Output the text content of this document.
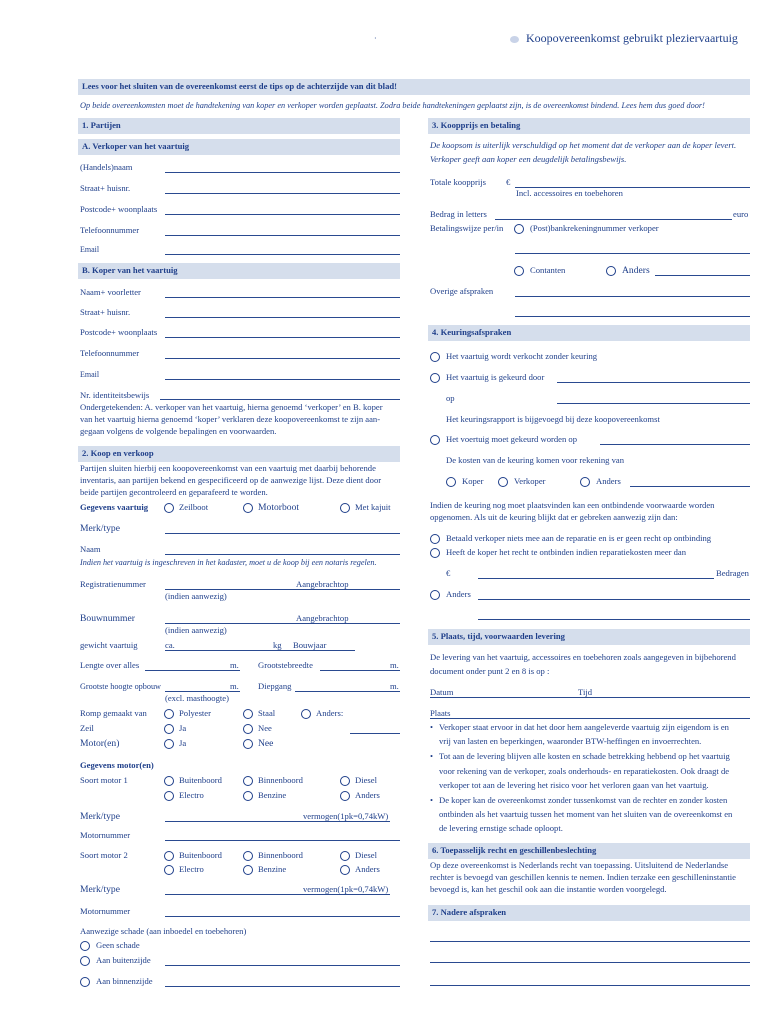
·	Koopovereenkomst gebruikt pleziervaartuig
Lees voor het sluiten van de overeenkomst eerst de tips op de achterzijde van dit blad!
Op beide overeenkomsten moet de handtekening van koper en verkoper worden geplaatst. Zodra beide handtekeningen geplaatst zijn, is de overeenkomst bindend. Lees hem dus goed door!
1. Partijen
A. Verkoper van het vaartuig
(Handels)naam
Straat+ huisnr.
Postcode+ woonplaats
Telefoonnummer
Email
B. Koper van het vaartuig
Naam+ voorletter
Straat+ huisnr.
Postcode+ woonplaats
Telefoonnummer
Email
Nr. identiteitsbewijs
Ondergetekenden: A. verkoper van het vaartuig, hierna genoemd ‘verkoper’ en B. koper
van het vaartuig hierna genoemd ‘koper’ verklaren deze koopovereenkomst te zijn aan-
gegaan volgens de volgende bepalingen en voorwaarden.
2. Koop en verkoop
Partijen sluiten hierbij een koopovereenkomst van een vaartuig met daarbij behorende
inventaris, aan partijen bekend en gespecificeerd op de aanwezige lijst. Deze dient door
beide partijen gecontroleerd en geparafeerd te worden.
Gegevens vaartuig	Zeilboot	Motorboot	Met kajuit
Merk/type
Naam
Indien het vaartuig is ingeschreven in het kadaster, moet u de koop bij een notaris regelen.
Registratienummer	Aangebrachtop
(indien aanwezig)
Bouwnummer	Aangebrachtop
(indien aanwezig)
gewicht vaartuig	ca.	kg Bouwjaar
Lengte over alles	m. Grootstebreedte	m.
Grootste hoogte opbouw	m. Diepgang	m.
(excl. masthoogte)
Romp gemaakt van	Polyester	Staal	Anders:
Zeil	Ja	Nee
Motor(en)	Ja	Nee
Gegevens motor(en)
Soort motor 1	Buitenboord	Binnenboord	Diesel
Electro	Benzine	Anders
Merk/type	vermogen(1pk=0,74kW)
Motornummer
Soort motor 2	Buitenboord	Binnenboord	Diesel
Electro	Benzine	Anders
Merk/type	vermogen(1pk=0,74kW)
Motornummer
Aanwezige schade (aan inboedel en toebehoren)
Geen schade
Aan buitenzijde
Aan binnenzijde
3. Koopprijs en betaling
De koopsom is uiterlijk verschuldigd op het moment dat de verkoper aan de koper levert.
Verkoper geeft aan koper een deugdelijk betalingsbewijs.
Totale koopprijs €
Incl. accessoires en toebehoren
Bedrag in letters	euro
Betalingswijze per/in	(Post)bankrekeningnummer verkoper
Contanten	Anders
Overige afspraken
4. Keuringsafspraken
Het vaartuig wordt verkocht zonder keuring
Het vaartuig is gekeurd door
op
Het keuringsrapport is bijgevoegd bij deze koopovereenkomst
Het voertuig moet gekeurd worden op
De kosten van de keuring komen voor rekening van
Koper	Verkoper	Anders
Indien de keuring nog moet plaatsvinden kan een ontbindende voorwaarde worden
opgenomen. Als uit de keuring blijkt dat er gebreken aanwezig zijn dan:
Betaald verkoper niets mee aan de reparatie en is er geen recht op ontbinding
Heeft de koper het recht te ontbinden indien reparatiekosten meer dan
€	Bedragen
Anders
5. Plaats, tijd, voorwaarden levering
De levering van het vaartuig, accessoires en toebehoren zoals aangegeven in bijbehorend
document onder punt 2 en 8 is op :
Datum	Tijd
Plaats
• Verkoper staat ervoor in dat het door hem aangeleverde vaartuig zijn eigendom is en
vrij van lasten en beperkingen, waaronder BTW-heffingen en invoerrechten.
• Tot aan de levering blijven alle kosten en schade betrekking hebbend op het vaartuig
voor rekening van de verkoper, zoals onderhouds- en reparatiekosten. Ook draagt de
verkoper tot aan de levering het risico voor het verloren gaan van het vaartuig.
• De koper kan de overeenkomst zonder tussenkomst van de rechter en zonder kosten
ontbinden als het vaartuig tussen het moment van het sluiten van de overeenkomst en
de levering ernstige schade oploopt.
6. Toepasselijk recht en geschillenbeslechting
Op deze overeenkomst is Nederlands recht van toepassing. Uitsluitend de Nederlandse
rechter is bevoegd van geschillen kennis te nemen. Indien terzake een geschilleninstantie
bevoegd is, kan het geschil ook aan die instantie worden voorgelegd.
7. Nadere afspraken
